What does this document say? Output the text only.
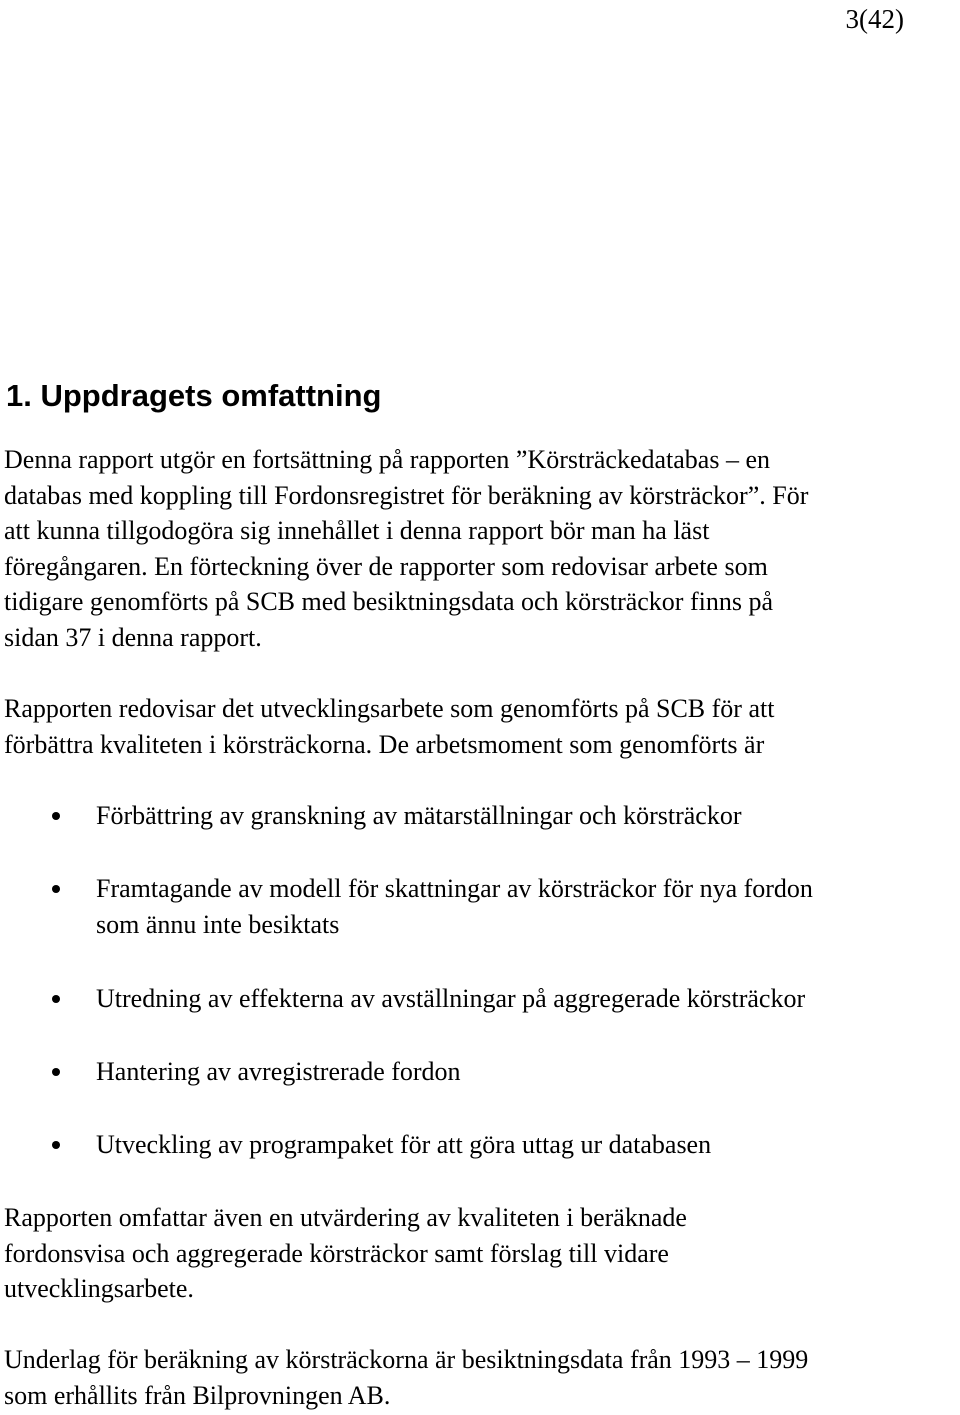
3(42)
1. Uppdragets omfattning

Denna rapport utgör en fortsättning på rapporten ”Körsträckedatabas – en
databas med koppling till Fordonsregistret för beräkning av körsträckor”. För
att kunna tillgodogöra sig innehållet i denna rapport bör man ha läst
föregångaren. En förteckning över de rapporter som redovisar arbete som
tidigare genomförts på SCB med besiktningsdata och körsträckor finns på
sidan 37 i denna rapport.

Rapporten redovisar det utvecklingsarbete som genomförts på SCB för att
förbättra kvaliteten i körsträckorna. De arbetsmoment som genomförts är

Förbättring av granskning av mätarställningar och körsträckor
Framtagande av modell för skattningar av körsträckor för nya fordon
som ännu inte besiktats
Utredning av effekterna av avställningar på aggregerade körsträckor
Hantering av avregistrerade fordon
Utveckling av programpaket för att göra uttag ur databasen

Rapporten omfattar även en utvärdering av kvaliteten i beräknade
fordonsvisa och aggregerade körsträckor samt förslag till vidare
utvecklingsarbete.

Underlag för beräkning av körsträckorna är besiktningsdata från 1993 – 1999
som erhållits från Bilprovningen AB.
